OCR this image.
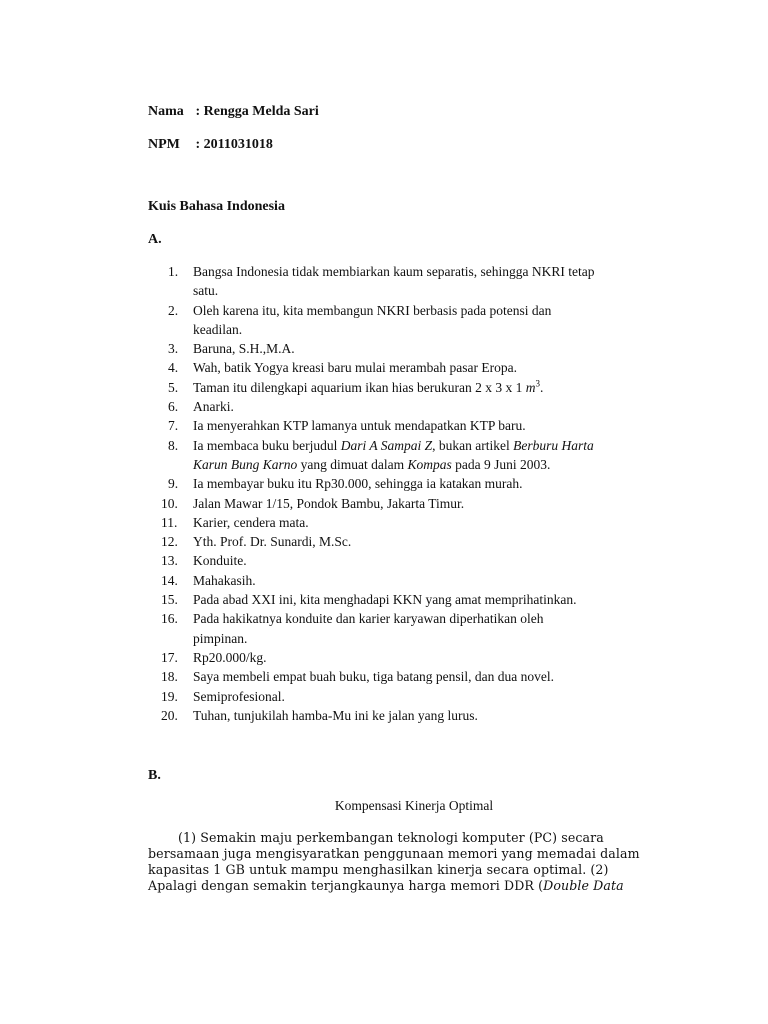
Nama : Rengga Melda Sari
NPM : 2011031018
Kuis Bahasa Indonesia
A.
1. Bangsa Indonesia tidak membiarkan kaum separatis, sehingga NKRI tetap
satu.
2. Oleh karena itu, kita membangun NKRI berbasis pada potensi dan
keadilan.
3. Baruna, S.H.,M.A.
4. Wah, batik Yogya kreasi baru mulai merambah pasar Eropa.
5. Taman itu dilengkapi aquarium ikan hias berukuran 2 x 3 x 1 $m^3$.
6. Anarki.
7. Ia menyerahkan KTP lamanya untuk mendapatkan KTP baru.
8. Ia membaca buku berjudul Dari A Sampai Z, bukan artikel Berburu Harta
Karun Bung Karno yang dimuat dalam Kompas pada 9 Juni 2003.
9. Ia membayar buku itu Rp30.000, sehingga ia katakan murah.
10. Jalan Mawar 1/15, Pondok Bambu, Jakarta Timur.
11. Karier, cendera mata.
12. Yth. Prof. Dr. Sunardi, M.Sc.
13. Konduite.
14. Mahakasih.
15. Pada abad XXI ini, kita menghadapi KKN yang amat memprihatinkan.
16. Pada hakikatnya konduite dan karier karyawan diperhatikan oleh
pimpinan.
17. Rp20.000/kg.
18. Saya membeli empat buah buku, tiga batang pensil, dan dua novel.
19. Semiprofesional.
20. Tuhan, tunjukilah hamba-Mu ini ke jalan yang lurus.
B.
Kompensasi Kinerja Optimal
(1) Semakin maju perkembangan teknologi komputer (PC) secara
bersamaan juga mengisyaratkan penggunaan memori yang memadai dalam
kapasitas 1 GB untuk mampu menghasilkan kinerja secara optimal. (2)
Apalagi dengan semakin terjangkaunya harga memori DDR (Double Data
